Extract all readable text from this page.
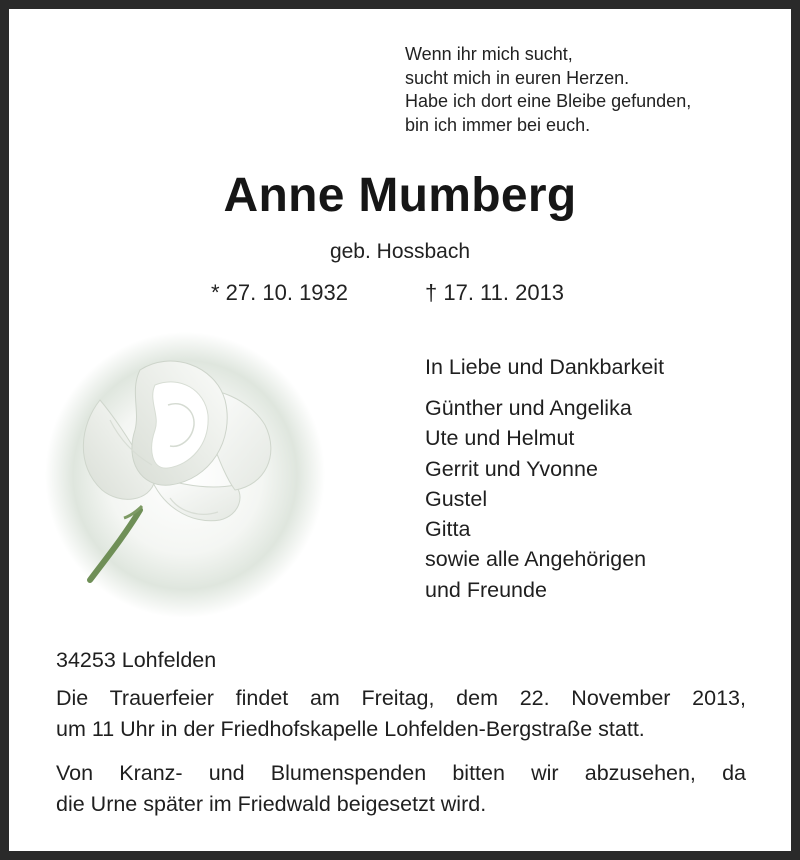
Wenn ihr mich sucht,
sucht mich in euren Herzen.
Habe ich dort eine Bleibe gefunden,
bin ich immer bei euch.
Anne Mumberg
geb. Hossbach
* 27. 10. 1932	† 17. 11. 2013
In Liebe und Dankbarkeit
Günther und Angelika
Ute und Helmut
Gerrit und Yvonne
Gustel
Gitta
sowie alle Angehörigen
und Freunde
34253 Lohfelden
Die Trauerfeier findet am Freitag, dem 22. November 2013,
um 11 Uhr in der Friedhofskapelle Lohfelden-Bergstraße statt.
Von Kranz- und Blumenspenden bitten wir abzusehen, da
die Urne später im Friedwald beigesetzt wird.
